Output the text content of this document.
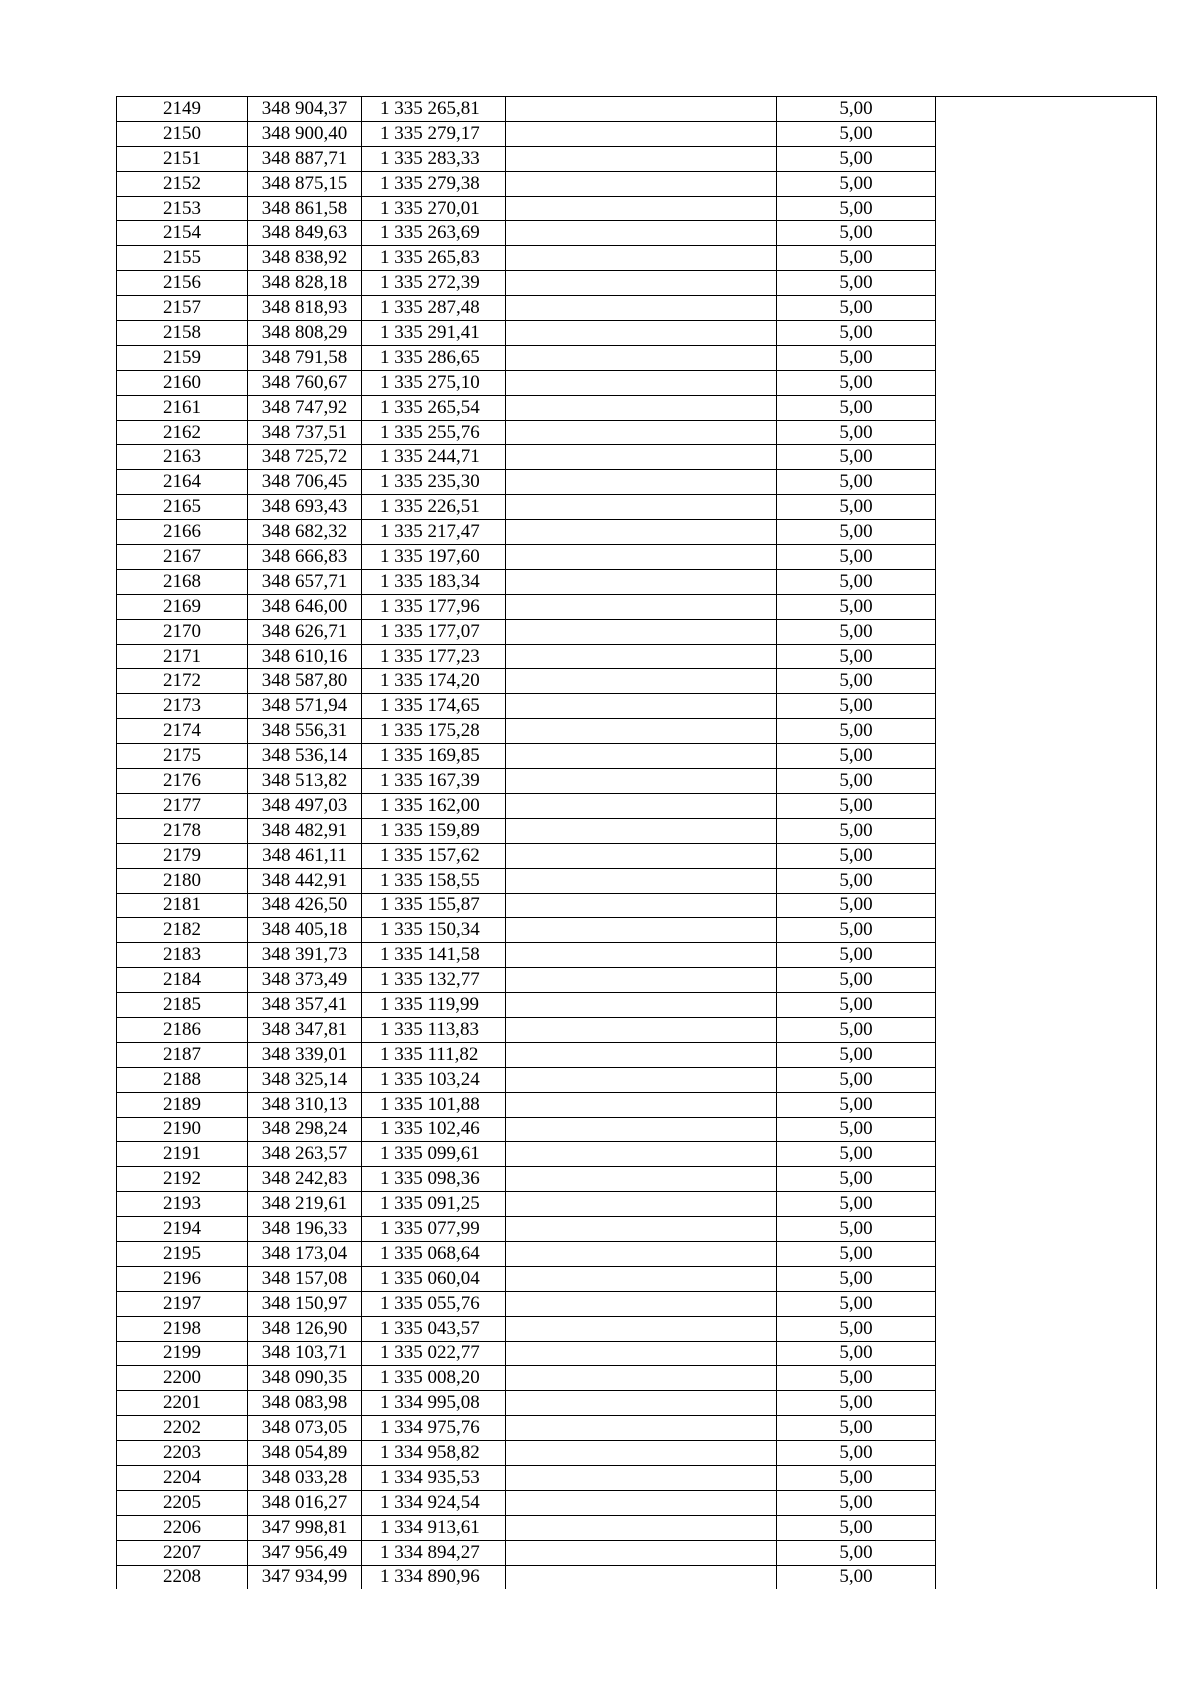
2149	348 904,37	1 335 265,81		5,00	
2150	348 900,40	1 335 279,17		5,00	
2151	348 887,71	1 335 283,33		5,00	
2152	348 875,15	1 335 279,38		5,00	
2153	348 861,58	1 335 270,01		5,00	
2154	348 849,63	1 335 263,69		5,00	
2155	348 838,92	1 335 265,83		5,00	
2156	348 828,18	1 335 272,39		5,00	
2157	348 818,93	1 335 287,48		5,00	
2158	348 808,29	1 335 291,41		5,00	
2159	348 791,58	1 335 286,65		5,00	
2160	348 760,67	1 335 275,10		5,00	
2161	348 747,92	1 335 265,54		5,00	
2162	348 737,51	1 335 255,76		5,00	
2163	348 725,72	1 335 244,71		5,00	
2164	348 706,45	1 335 235,30		5,00	
2165	348 693,43	1 335 226,51		5,00	
2166	348 682,32	1 335 217,47		5,00	
2167	348 666,83	1 335 197,60		5,00	
2168	348 657,71	1 335 183,34		5,00	
2169	348 646,00	1 335 177,96		5,00	
2170	348 626,71	1 335 177,07		5,00	
2171	348 610,16	1 335 177,23		5,00	
2172	348 587,80	1 335 174,20		5,00	
2173	348 571,94	1 335 174,65		5,00	
2174	348 556,31	1 335 175,28		5,00	
2175	348 536,14	1 335 169,85		5,00	
2176	348 513,82	1 335 167,39		5,00	
2177	348 497,03	1 335 162,00		5,00	
2178	348 482,91	1 335 159,89		5,00	
2179	348 461,11	1 335 157,62		5,00	
2180	348 442,91	1 335 158,55		5,00	
2181	348 426,50	1 335 155,87		5,00	
2182	348 405,18	1 335 150,34		5,00	
2183	348 391,73	1 335 141,58		5,00	
2184	348 373,49	1 335 132,77		5,00	
2185	348 357,41	1 335 119,99		5,00	
2186	348 347,81	1 335 113,83		5,00	
2187	348 339,01	1 335 111,82		5,00	
2188	348 325,14	1 335 103,24		5,00	
2189	348 310,13	1 335 101,88		5,00	
2190	348 298,24	1 335 102,46		5,00	
2191	348 263,57	1 335 099,61		5,00	
2192	348 242,83	1 335 098,36		5,00	
2193	348 219,61	1 335 091,25		5,00	
2194	348 196,33	1 335 077,99		5,00	
2195	348 173,04	1 335 068,64		5,00	
2196	348 157,08	1 335 060,04		5,00	
2197	348 150,97	1 335 055,76		5,00	
2198	348 126,90	1 335 043,57		5,00	
2199	348 103,71	1 335 022,77		5,00	
2200	348 090,35	1 335 008,20		5,00	
2201	348 083,98	1 334 995,08		5,00	
2202	348 073,05	1 334 975,76		5,00	
2203	348 054,89	1 334 958,82		5,00	
2204	348 033,28	1 334 935,53		5,00	
2205	348 016,27	1 334 924,54		5,00	
2206	347 998,81	1 334 913,61		5,00	
2207	347 956,49	1 334 894,27		5,00	
2208	347 934,99	1 334 890,96		5,00	
